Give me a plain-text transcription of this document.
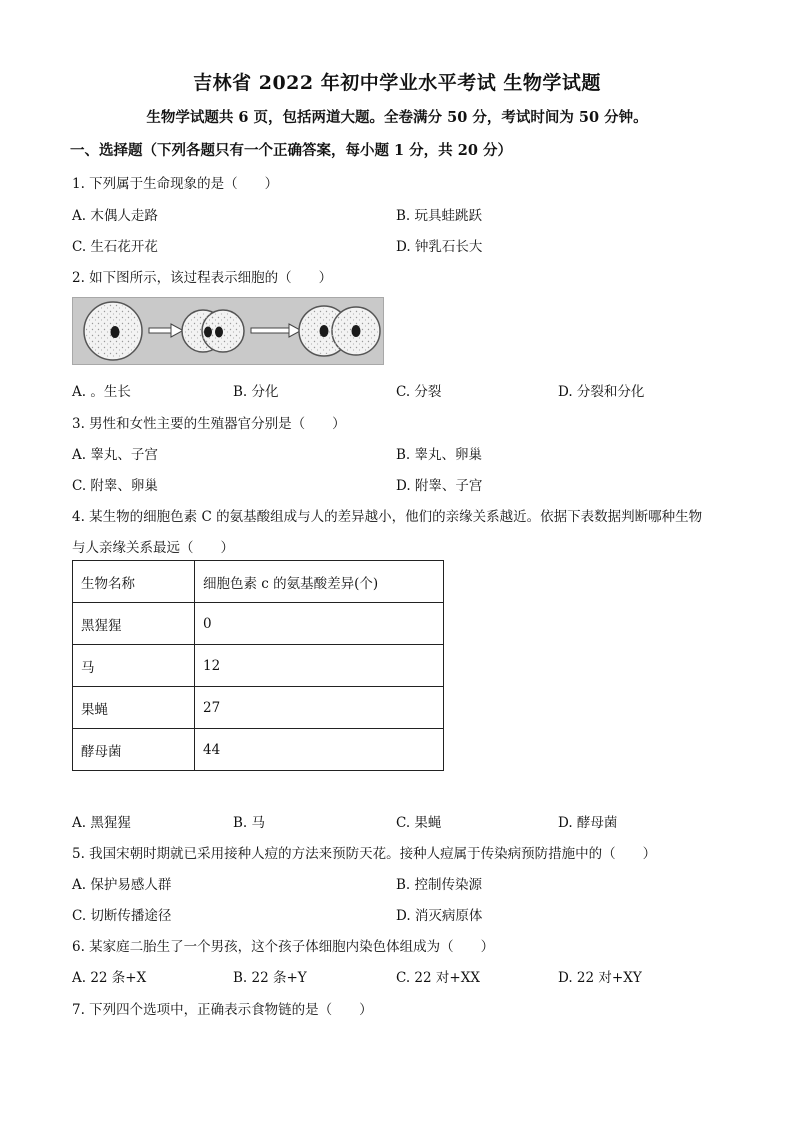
吉林省 2022 年初中学业水平考试 生物学试题
生物学试题共 6 页，包括两道大题。全卷满分 50 分，考试时间为 50 分钟。
一、选择题（下列各题只有一个正确答案，每小题 1 分，共 20 分）
1. 下列属于生命现象的是（　　）
A. 木偶人走路	B. 玩具蛙跳跃
C. 生石花开花	D. 钟乳石长大
2. 如下图所示，该过程表示细胞的（　　）
A. 。生长	B. 分化	C. 分裂	D. 分裂和分化
3. 男性和女性主要的生殖器官分别是（　　）
A. 睾丸、子宫	B. 睾丸、卵巢
C. 附睾、卵巢	D. 附睾、子宫
4. 某生物的细胞色素 C 的氨基酸组成与人的差异越小，他们的亲缘关系越近。依据下表数据判断哪种生物
与人亲缘关系最远（　　）
生物名称	细胞色素 c 的氨基酸差异(个)
黑猩猩	0
马	12
果蝇	27
酵母菌	44
A. 黑猩猩	B. 马	C. 果蝇	D. 酵母菌
5. 我国宋朝时期就已采用接种人痘的方法来预防天花。接种人痘属于传染病预防措施中的（　　）
A. 保护易感人群	B. 控制传染源
C. 切断传播途径	D. 消灭病原体
6. 某家庭二胎生了一个男孩，这个孩子体细胞内染色体组成为（　　）
A. 22 条+X	B. 22 条+Y	C. 22 对+XX	D. 22 对+XY
7. 下列四个选项中，正确表示食物链的是（　　）
